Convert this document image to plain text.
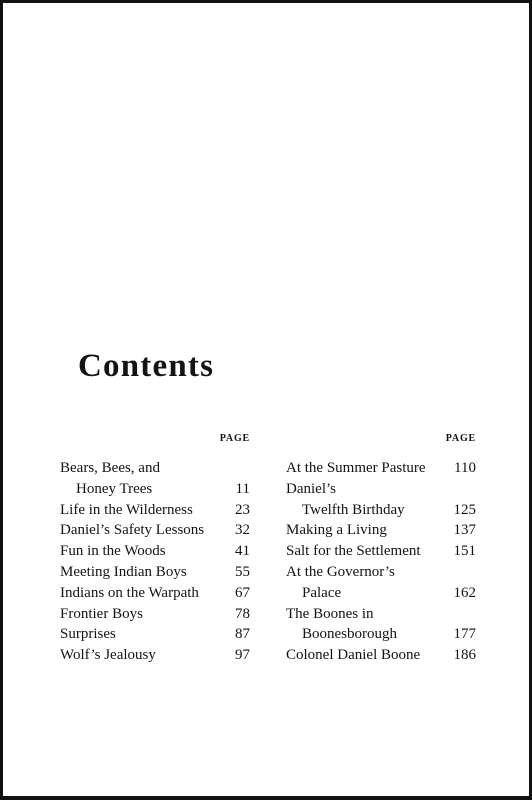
Contents
PAGE
Bears, Bees, and
Honey Trees	11
Life in the Wilderness	23
Daniel’s Safety Lessons	32
Fun in the Woods	41
Meeting Indian Boys	55
Indians on the Warpath	67
Frontier Boys	78
Surprises	87
Wolf’s Jealousy	97
PAGE
At the Summer Pasture	110
Daniel’s
Twelfth Birthday	125
Making a Living	137
Salt for the Settlement	151
At the Governor’s
Palace	162
The Boones in
Boonesborough	177
Colonel Daniel Boone	186
